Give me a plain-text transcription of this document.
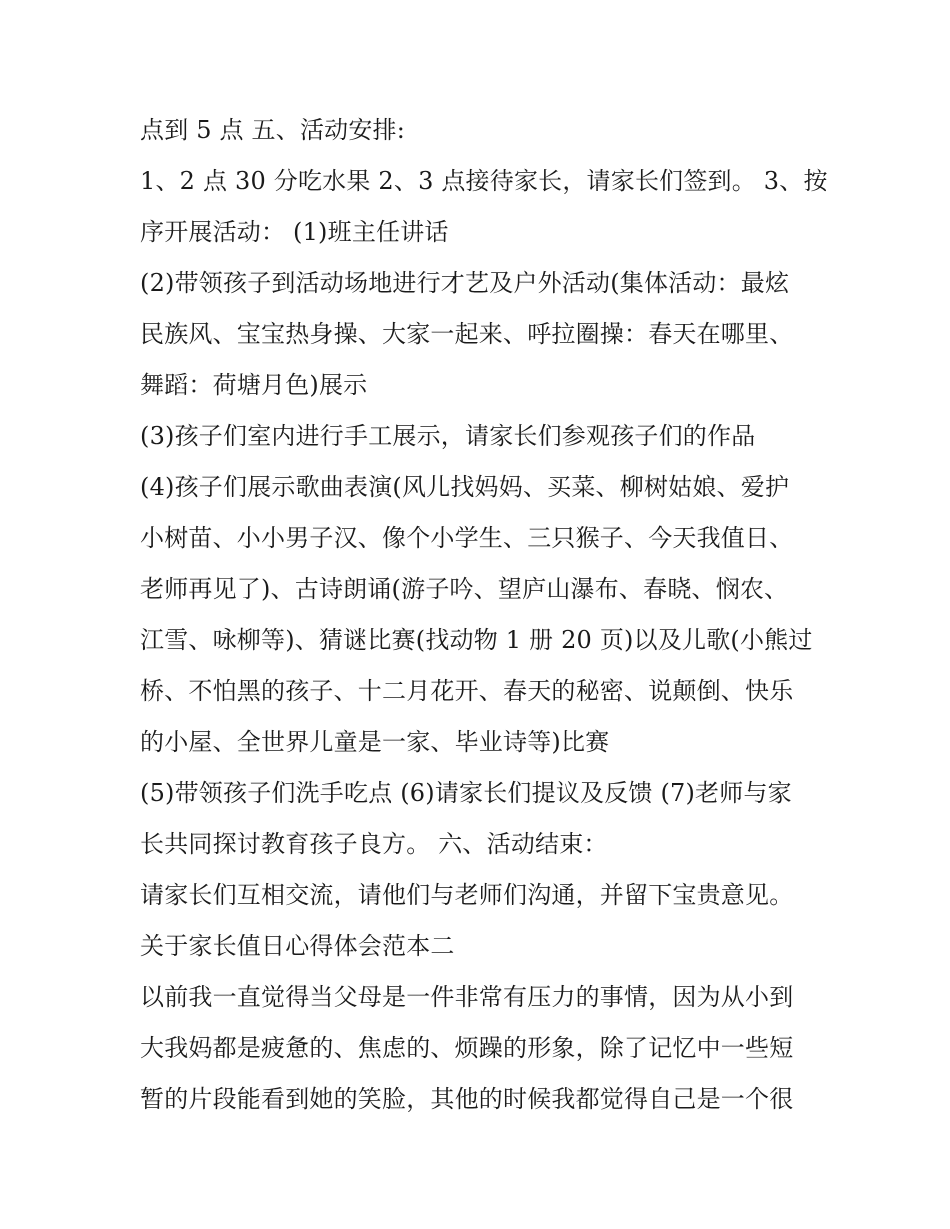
点到 5 点 五、活动安排:
1、2 点 30 分吃水果 2、3 点接待家长，请家长们签到。 3、按
序开展活动： (1)班主任讲话
(2)带领孩子到活动场地进行才艺及户外活动(集体活动：最炫
民族风、宝宝热身操、大家一起来、呼拉圈操：春天在哪里、
舞蹈：荷塘月色)展示
(3)孩子们室内进行手工展示，请家长们参观孩子们的作品
(4)孩子们展示歌曲表演(风儿找妈妈、买菜、柳树姑娘、爱护
小树苗、小小男子汉、像个小学生、三只猴子、今天我值日、
老师再见了)、古诗朗诵(游子吟、望庐山瀑布、春晓、悯农、
江雪、咏柳等)、猜谜比赛(找动物 1 册 20 页)以及儿歌(小熊过
桥、不怕黑的孩子、十二月花开、春天的秘密、说颠倒、快乐
的小屋、全世界儿童是一家、毕业诗等)比赛
(5)带领孩子们洗手吃点 (6)请家长们提议及反馈 (7)老师与家
长共同探讨教育孩子良方。 六、活动结束：
请家长们互相交流，请他们与老师们沟通，并留下宝贵意见。
关于家长值日心得体会范本二
以前我一直觉得当父母是一件非常有压力的事情，因为从小到
大我妈都是疲惫的、焦虑的、烦躁的形象，除了记忆中一些短
暂的片段能看到她的笑脸，其他的时候我都觉得自己是一个很
